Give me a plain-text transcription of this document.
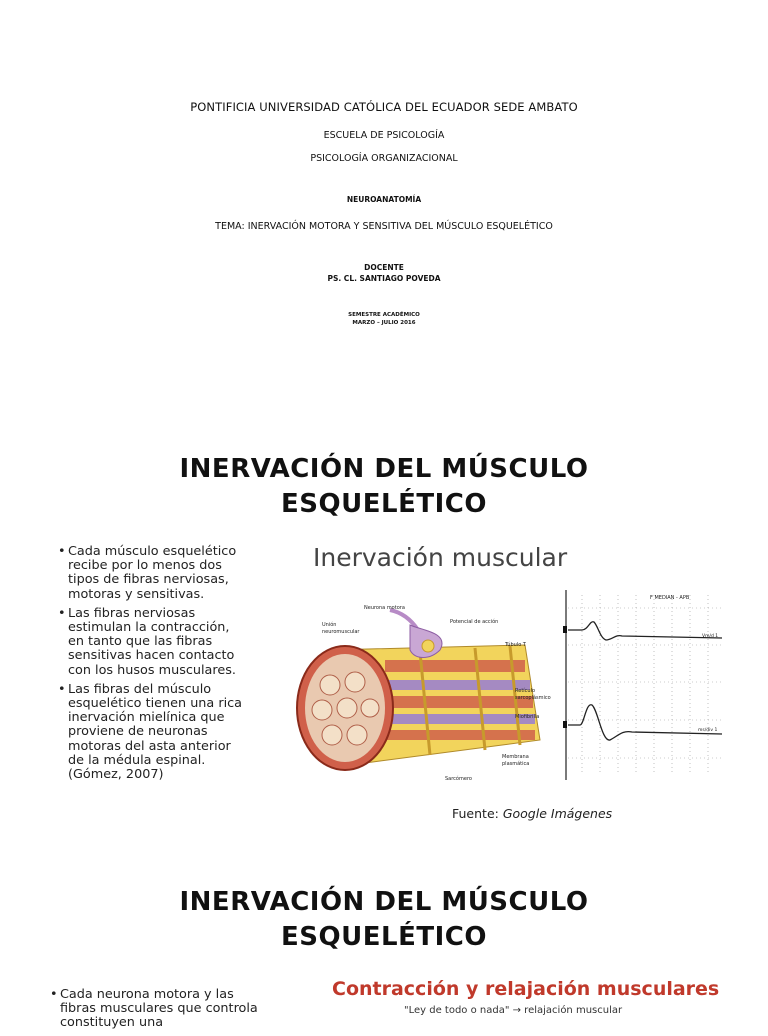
PONTIFICIA UNIVERSIDAD CATÓLICA DEL ECUADOR SEDE AMBATO
ESCUELA DE PSICOLOGÍA
PSICOLOGÍA ORGANIZACIONAL
NEUROANATOMÍA
TEMA: INERVACIÓN MOTORA Y SENSITIVA DEL MÚSCULO ESQUELÉTICO
DOCENTE
PS. CL. SANTIAGO POVEDA
SEMESTRE ACADÉMICO
MARZO – JULIO 2016
INERVACIÓN DEL MÚSCULO
ESQUELÉTICO
• Cada músculo esquelético recibe por lo menos dos tipos de fibras nerviosas, motoras y sensitivas.
• Las fibras nerviosas estimulan la contracción, en tanto que las fibras sensitivas hacen contacto con los husos musculares.
• Las fibras del músculo esquelético tienen una rica inervación mielínica que proviene de neuronas motoras del asta anterior de la médula espinal. (Gómez, 2007)
Inervación muscular
Neurona motora
Potencial de acción
Unión
neuromuscular
Túbulo T
Retículo
sarcoplásmico
Miofibrilla
Membrana
plasmática
Sarcómero
F MEDIAN - APB
Vm/d 1
ms/div 1
Fuente: Google Imágenes
INERVACIÓN DEL MÚSCULO
ESQUELÉTICO
• Cada neurona motora y las fibras musculares que controla constituyen una
Contracción y relajación musculares
"Ley de todo o nada" → relajación muscular
